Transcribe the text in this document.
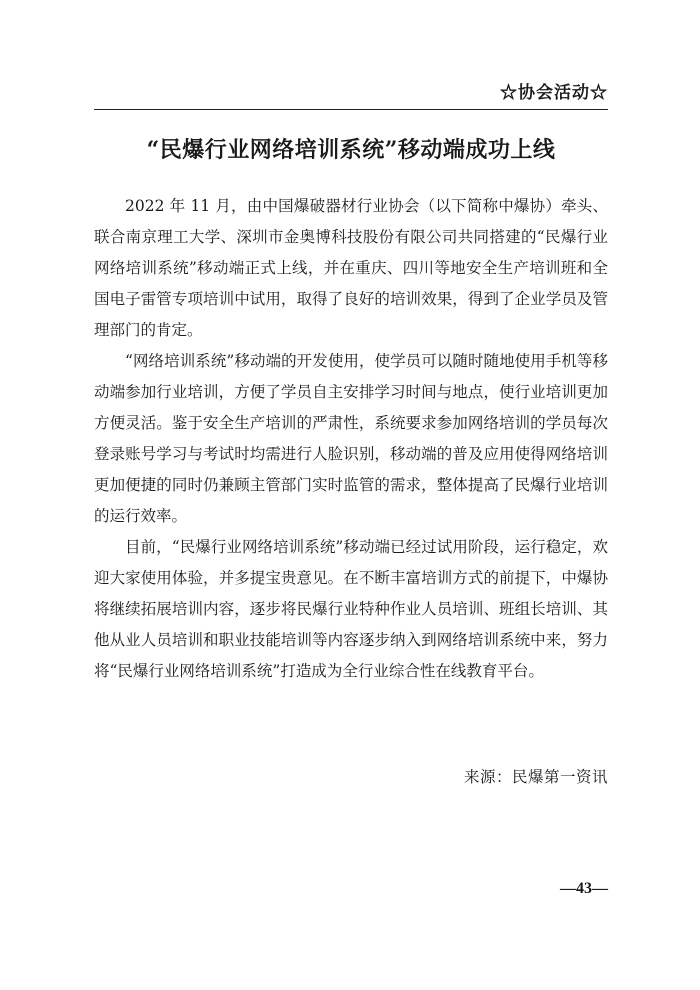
☆协会活动☆
“民爆行业网络培训系统”移动端成功上线

2022 年 11 月，由中国爆破器材行业协会（以下简称中爆协）牵头、联合南京理工大学、深圳市金奥博科技股份有限公司共同搭建的“民爆行业网络培训系统”移动端正式上线，并在重庆、四川等地安全生产培训班和全国电子雷管专项培训中试用，取得了良好的培训效果，得到了企业学员及管理部门的肯定。

“网络培训系统”移动端的开发使用，使学员可以随时随地使用手机等移动端参加行业培训，方便了学员自主安排学习时间与地点，使行业培训更加方便灵活。鉴于安全生产培训的严肃性，系统要求参加网络培训的学员每次登录账号学习与考试时均需进行人脸识别，移动端的普及应用使得网络培训更加便捷的同时仍兼顾主管部门实时监管的需求，整体提高了民爆行业培训的运行效率。

目前，“民爆行业网络培训系统”移动端已经过试用阶段，运行稳定，欢迎大家使用体验，并多提宝贵意见。在不断丰富培训方式的前提下，中爆协将继续拓展培训内容，逐步将民爆行业特种作业人员培训、班组长培训、其他从业人员培训和职业技能培训等内容逐步纳入到网络培训系统中来，努力将“民爆行业网络培训系统”打造成为全行业综合性在线教育平台。

来源：民爆第一资讯
—43—
